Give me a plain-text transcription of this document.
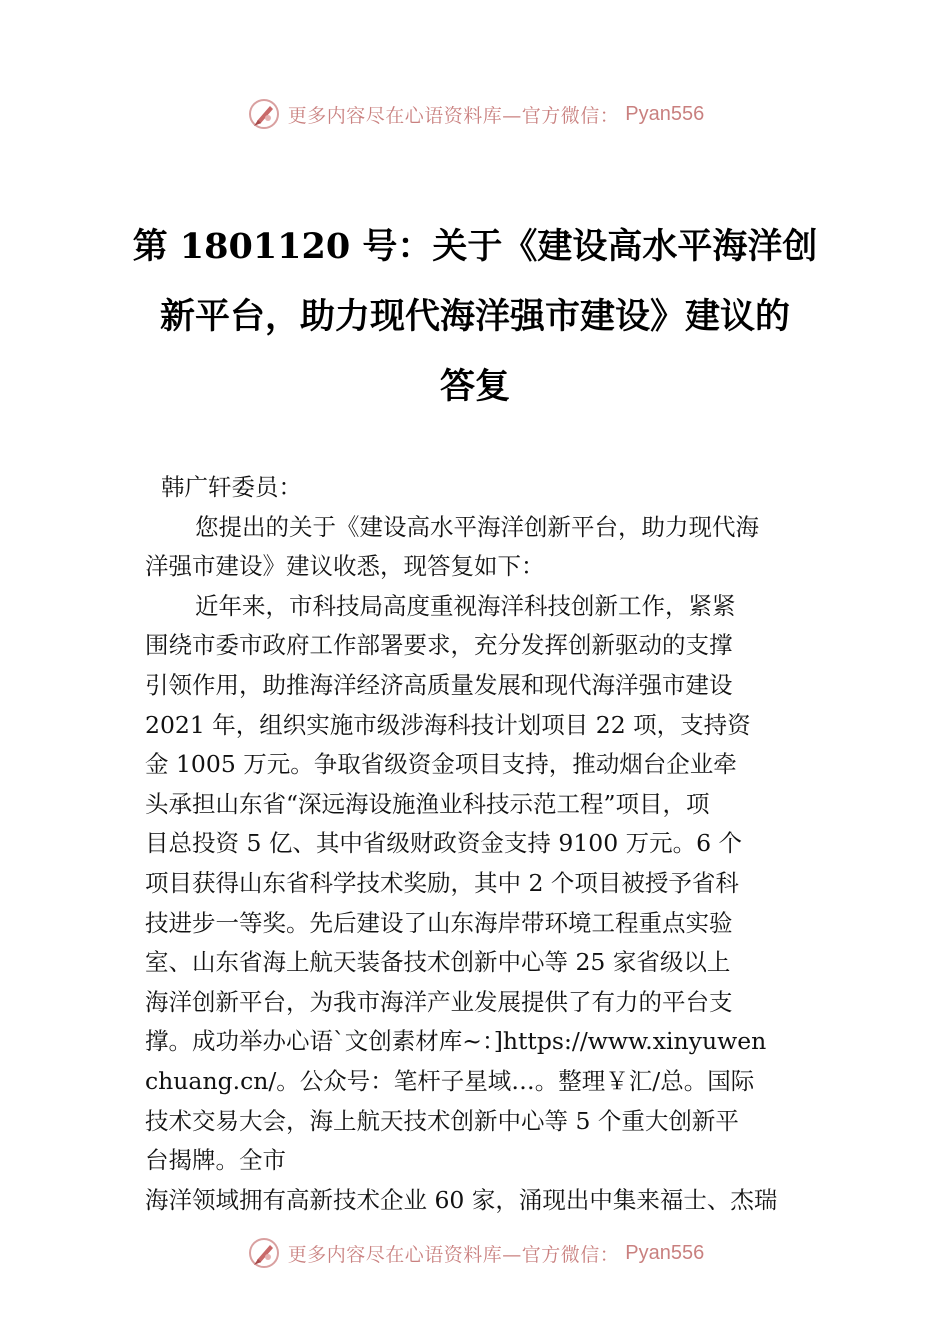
更多内容尽在心语资料库—官方微信： Pyan556
第 1801120 号：关于《建设高水平海洋创
新平台，助力现代海洋强市建设》建议的
答复
韩广轩委员：
您提出的关于《建设高水平海洋创新平台，助力现代海
洋强市建设》建议收悉，现答复如下：
近年来，市科技局高度重视海洋科技创新工作，紧紧
围绕市委市政府工作部署要求，充分发挥创新驱动的支撑
引领作用，助推海洋经济高质量发展和现代海洋强市建设
2021 年，组织实施市级涉海科技计划项目 22 项，支持资
金 1005 万元。争取省级资金项目支持，推动烟台企业牵
头承担山东省“深远海设施渔业科技示范工程”项目，项
目总投资 5 亿、其中省级财政资金支持 9100 万元。6 个
项目获得山东省科学技术奖励，其中 2 个项目被授予省科
技进步一等奖。先后建设了山东海岸带环境工程重点实验
室、山东省海上航天装备技术创新中心等 25 家省级以上
海洋创新平台，为我市海洋产业发展提供了有力的平台支
撑。成功举办心语`文创素材库~：]https://www.xinyuwen
chuang.cn/。公众号：笔杆子星域…。整理￥汇/总。国际
技术交易大会，海上航天技术创新中心等 5 个重大创新平
台揭牌。全市
海洋领域拥有高新技术企业 60 家，涌现出中集来福士、杰瑞
更多内容尽在心语资料库—官方微信： Pyan556
